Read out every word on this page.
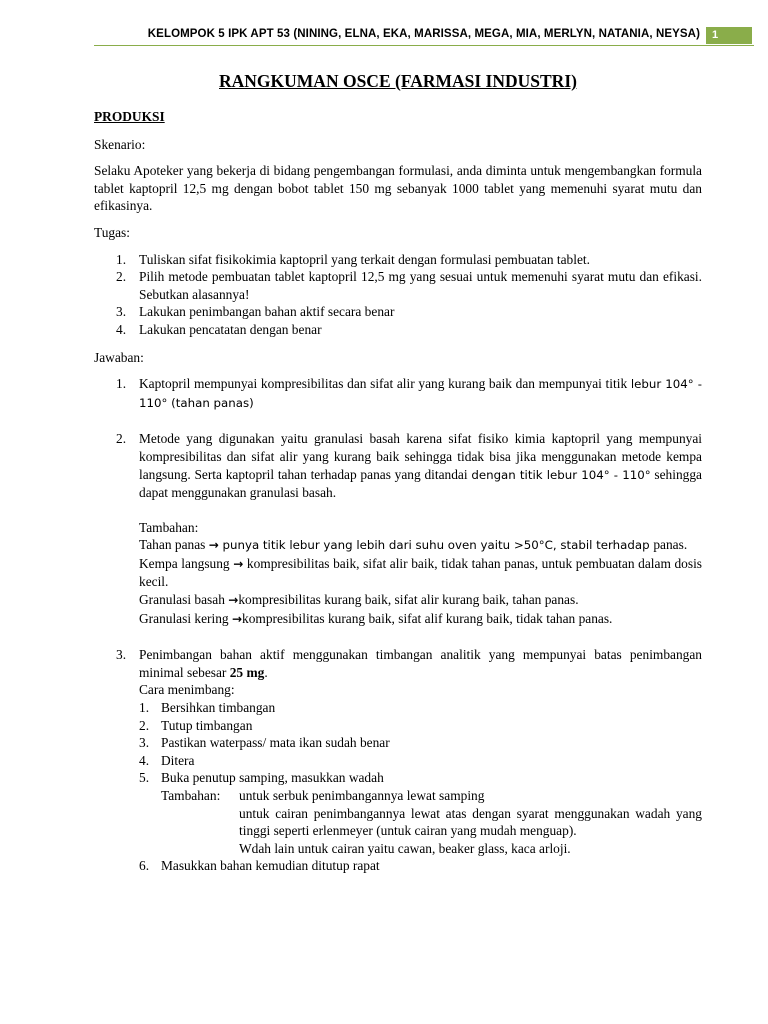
KELOMPOK 5 IPK APT 53 (NINING, ELNA, EKA, MARISSA, MEGA, MIA, MERLYN, NATANIA, NEYSA)	1
RANGKUMAN OSCE (FARMASI INDUSTRI)
PRODUKSI

Skenario:

Selaku Apoteker yang bekerja di bidang pengembangan formulasi, anda diminta untuk mengembangkan formula tablet kaptopril 12,5 mg dengan bobot tablet 150 mg sebanyak 1000 tablet yang memenuhi syarat mutu dan efikasinya.

Tugas:

1. Tuliskan sifat fisikokimia kaptopril yang terkait dengan formulasi pembuatan tablet.
2. Pilih metode pembuatan tablet kaptopril 12,5 mg yang sesuai untuk memenuhi syarat mutu dan efikasi. Sebutkan alasannya!
3. Lakukan penimbangan bahan aktif secara benar
4. Lakukan pencatatan dengan benar

Jawaban:

1. Kaptopril mempunyai kompresibilitas dan sifat alir yang kurang baik dan mempunyai titik lebur 104° - 110° (tahan panas)
2. Metode yang digunakan yaitu granulasi basah karena sifat fisiko kimia kaptopril yang mempunyai kompresibilitas dan sifat alir yang kurang baik sehingga tidak bisa jika menggunakan metode kempa langsung. Serta kaptopril tahan terhadap panas yang ditandai dengan titik lebur 104° - 110° sehingga dapat menggunakan granulasi basah.
Tambahan:
Tahan panas → punya titik lebur yang lebih dari suhu oven yaitu >50°C, stabil terhadap panas.
Kempa langsung → kompresibilitas baik, sifat alir baik, tidak tahan panas, untuk pembuatan dalam dosis kecil.
Granulasi basah →kompresibilitas kurang baik, sifat alir kurang baik, tahan panas.
Granulasi kering →kompresibilitas kurang baik, sifat alif kurang baik, tidak tahan panas.
3. Penimbangan bahan aktif menggunakan timbangan analitik yang mempunyai batas penimbangan minimal sebesar 25 mg.
Cara menimbang:
1. Bersihkan timbangan
2. Tutup timbangan
3. Pastikan waterpass/ mata ikan sudah benar
4. Ditera
5. Buka penutup samping, masukkan wadah
Tambahan: untuk serbuk penimbangannya lewat samping
untuk cairan penimbangannya lewat atas dengan syarat menggunakan wadah yang tinggi seperti erlenmeyer (untuk cairan yang mudah menguap).
Wdah lain untuk cairan yaitu cawan, beaker glass, kaca arloji.
6. Masukkan bahan kemudian ditutup rapat
